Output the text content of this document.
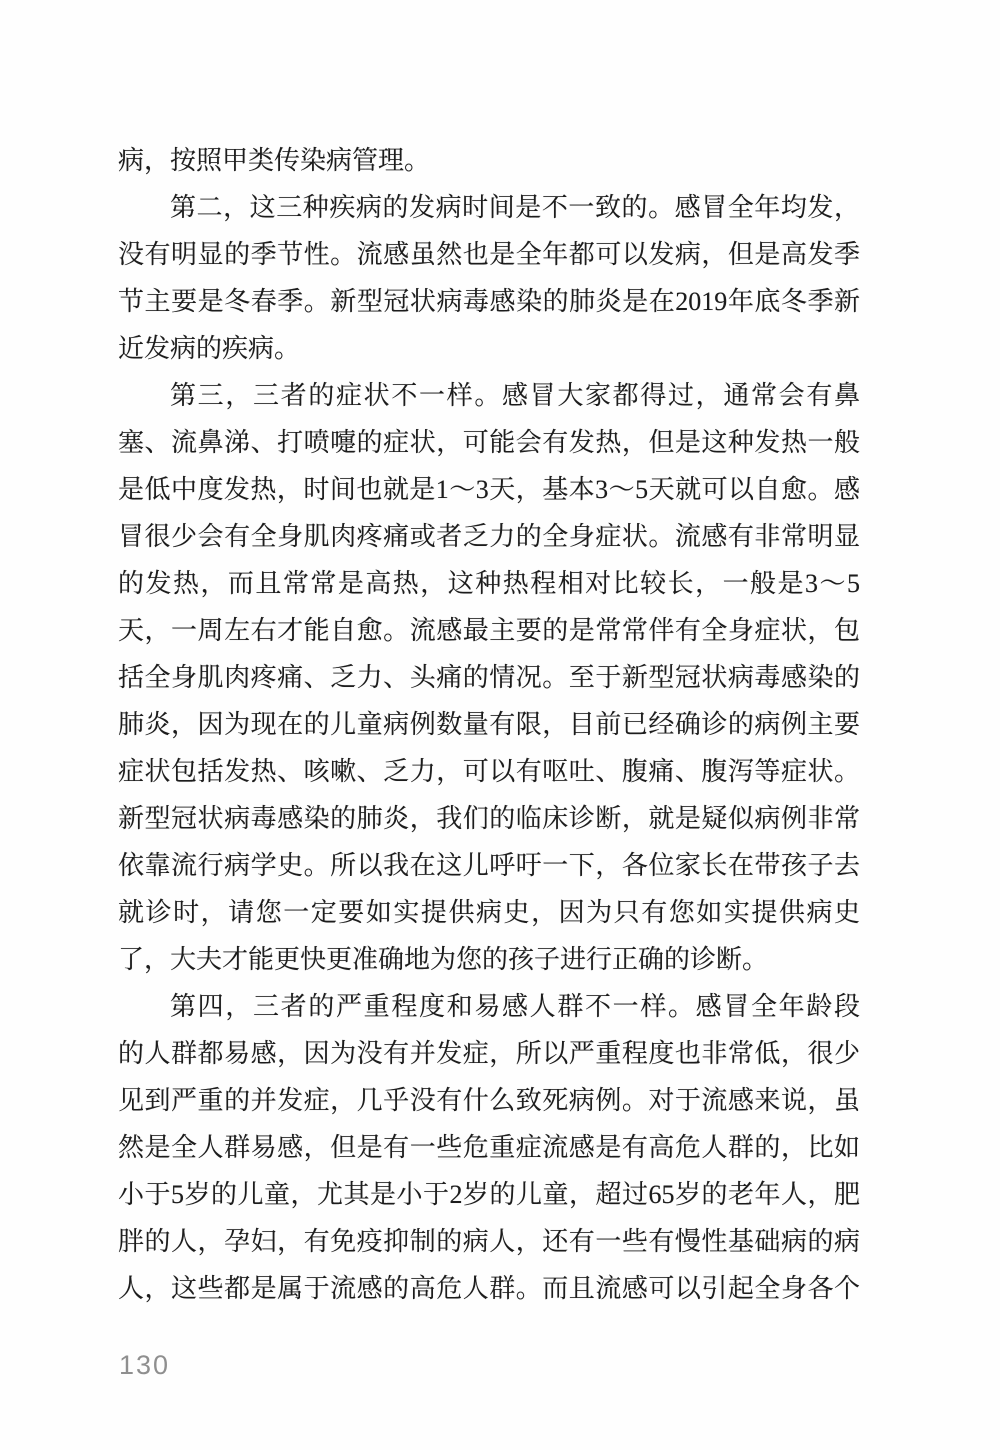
病，按照甲类传染病管理。
第二，这三种疾病的发病时间是不一致的。感冒全年均发，
没有明显的季节性。流感虽然也是全年都可以发病，但是高发季
节主要是冬春季。新型冠状病毒感染的肺炎是在2019年底冬季新
近发病的疾病。
第三，三者的症状不一样。感冒大家都得过，通常会有鼻
塞、流鼻涕、打喷嚏的症状，可能会有发热，但是这种发热一般
是低中度发热，时间也就是1～3天，基本3～5天就可以自愈。感
冒很少会有全身肌肉疼痛或者乏力的全身症状。流感有非常明显
的发热，而且常常是高热，这种热程相对比较长，一般是3～5
天，一周左右才能自愈。流感最主要的是常常伴有全身症状，包
括全身肌肉疼痛、乏力、头痛的情况。至于新型冠状病毒感染的
肺炎，因为现在的儿童病例数量有限，目前已经确诊的病例主要
症状包括发热、咳嗽、乏力，可以有呕吐、腹痛、腹泻等症状。
新型冠状病毒感染的肺炎，我们的临床诊断，就是疑似病例非常
依靠流行病学史。所以我在这儿呼吁一下，各位家长在带孩子去
就诊时，请您一定要如实提供病史，因为只有您如实提供病史
了，大夫才能更快更准确地为您的孩子进行正确的诊断。
第四，三者的严重程度和易感人群不一样。感冒全年龄段
的人群都易感，因为没有并发症，所以严重程度也非常低，很少
见到严重的并发症，几乎没有什么致死病例。对于流感来说，虽
然是全人群易感，但是有一些危重症流感是有高危人群的，比如
小于5岁的儿童，尤其是小于2岁的儿童，超过65岁的老年人，肥
胖的人，孕妇，有免疫抑制的病人，还有一些有慢性基础病的病
人，这些都是属于流感的高危人群。而且流感可以引起全身各个
130
